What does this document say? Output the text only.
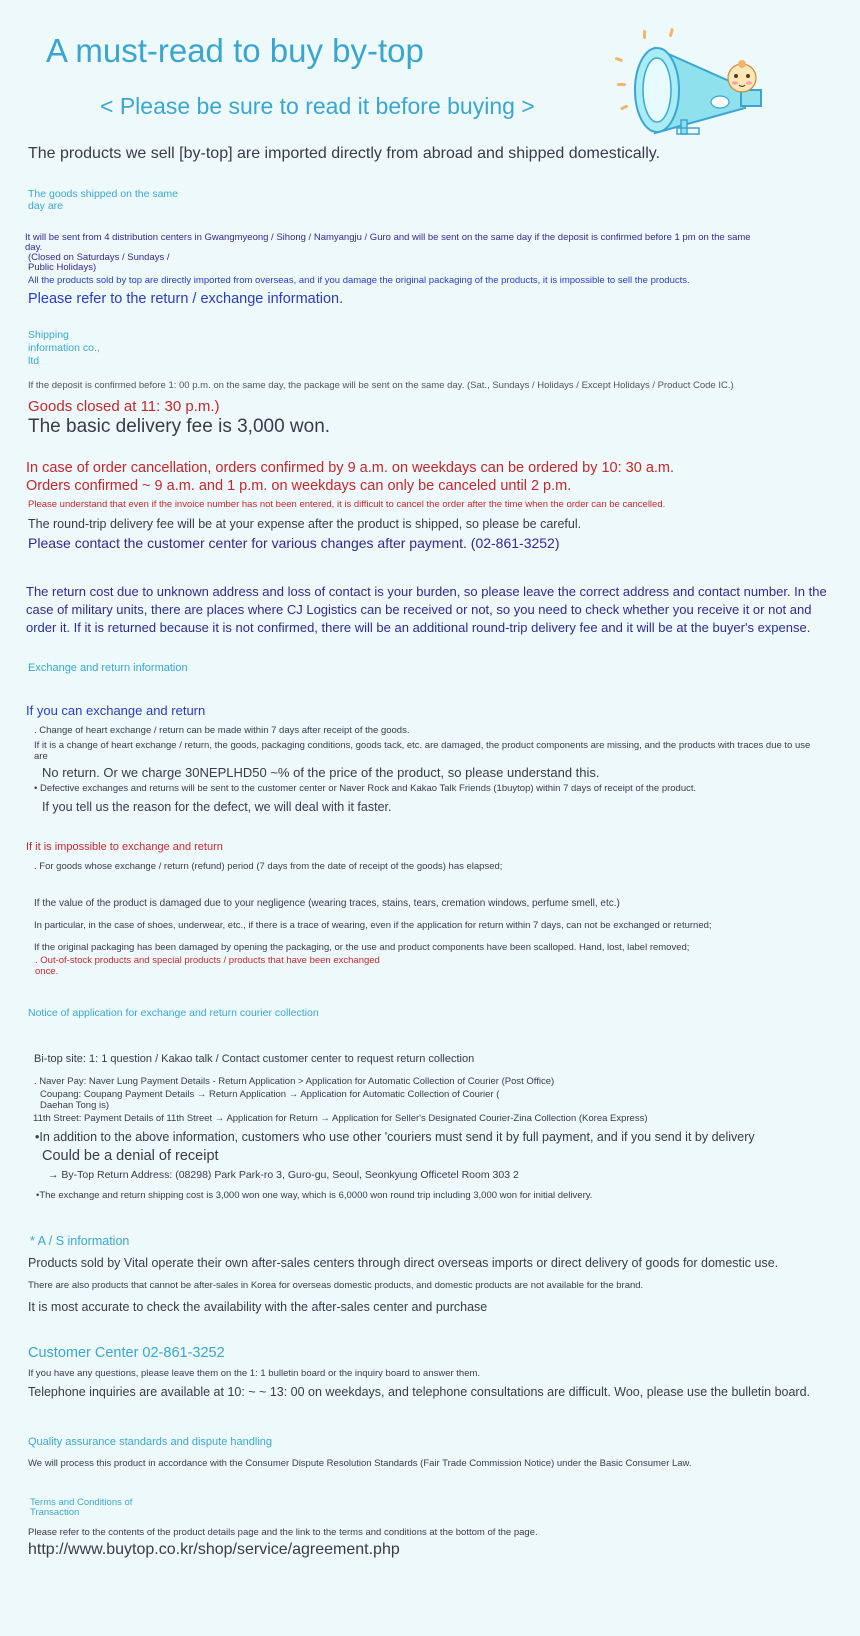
A must-read to buy by-top
< Please be sure to read it before buying >
The products we sell [by-top] are imported directly from abroad and shipped domestically.
The goods shipped on the same
day are
It will be sent from 4 distribution centers in Gwangmyeong / Sihong / Namyangju / Guro and will be sent on the same day if the deposit is confirmed before 1 pm on the same
day.
(Closed on Saturdays / Sundays /
Public Holidays)
All the products sold by top are directly imported from overseas, and if you damage the original packaging of the products, it is impossible to sell the products.
Please refer to the return / exchange information.
Shipping
information co.,
ltd
If the deposit is confirmed before 1: 00 p.m. on the same day, the package will be sent on the same day. (Sat., Sundays / Holidays / Except Holidays / Product Code IC.)
Goods closed at 11: 30 p.m.)
The basic delivery fee is 3,000 won.
In case of order cancellation, orders confirmed by 9 a.m. on weekdays can be ordered by 10: 30 a.m.
Orders confirmed ~ 9 a.m. and 1 p.m. on weekdays can only be canceled until 2 p.m.
Please understand that even if the invoice number has not been entered, it is difficult to cancel the order after the time when the order can be cancelled.
The round-trip delivery fee will be at your expense after the product is shipped, so please be careful.
Please contact the customer center for various changes after payment. (02-861-3252)
The return cost due to unknown address and loss of contact is your burden, so please leave the correct address and contact number. In the case of military units, there are places where CJ Logistics can be received or not, so you need to check whether you receive it or not and order it. If it is returned because it is not confirmed, there will be an additional round-trip delivery fee and it will be at the buyer's expense.
Exchange and return information
If you can exchange and return
. Change of heart exchange / return can be made within 7 days after receipt of the goods.
If it is a change of heart exchange / return, the goods, packaging conditions, goods tack, etc. are damaged, the product components are missing, and the products with traces due to use
are
No return. Or we charge 30NEPLHD50 ~% of the price of the product, so please understand this.
• Defective exchanges and returns will be sent to the customer center or Naver Rock and Kakao Talk Friends (1buytop) within 7 days of receipt of the product.
If you tell us the reason for the defect, we will deal with it faster.
If it is impossible to exchange and return
. For goods whose exchange / return (refund) period (7 days from the date of receipt of the goods) has elapsed;
If the value of the product is damaged due to your negligence (wearing traces, stains, tears, cremation windows, perfume smell, etc.)
In particular, in the case of shoes, underwear, etc., if there is a trace of wearing, even if the application for return within 7 days, can not be exchanged or returned;
If the original packaging has been damaged by opening the packaging, or the use and product components have been scalloped. Hand, lost, label removed;
. Out-of-stock products and special products / products that have been exchanged
once.
Notice of application for exchange and return courier collection
Bi-top site: 1: 1 question / Kakao talk / Contact customer center to request return collection
. Naver Pay: Naver Lung Payment Details - Return Application > Application for Automatic Collection of Courier (Post Office)
Coupang: Coupang Payment Details → Return Application → Application for Automatic Collection of Courier (
Daehan Tong is)
11th Street: Payment Details of 11th Street → Application for Return → Application for Seller's Designated Courier-Zina Collection (Korea Express)
•In addition to the above information, customers who use other 'couriers must send it by full payment, and if you send it by delivery
Could be a denial of receipt
→ By-Top Return Address: (08298) Park Park-ro 3, Guro-gu, Seoul, Seonkyung Officetel Room 303 2
•The exchange and return shipping cost is 3,000 won one way, which is 6,0000 won round trip including 3,000 won for initial delivery.
* A / S information
Products sold by Vital operate their own after-sales centers through direct overseas imports or direct delivery of goods for domestic use.
There are also products that cannot be after-sales in Korea for overseas domestic products, and domestic products are not available for the brand.
It is most accurate to check the availability with the after-sales center and purchase
Customer Center 02-861-3252
If you have any questions, please leave them on the 1: 1 bulletin board or the inquiry board to answer them.
Telephone inquiries are available at 10: ~ ~ 13: 00 on weekdays, and telephone consultations are difficult. Woo, please use the bulletin board.
Quality assurance standards and dispute handling
We will process this product in accordance with the Consumer Dispute Resolution Standards (Fair Trade Commission Notice) under the Basic Consumer Law.
Terms and Conditions of
Transaction
Please refer to the contents of the product details page and the link to the terms and conditions at the bottom of the page.
http://www.buytop.co.kr/shop/service/agreement.php
